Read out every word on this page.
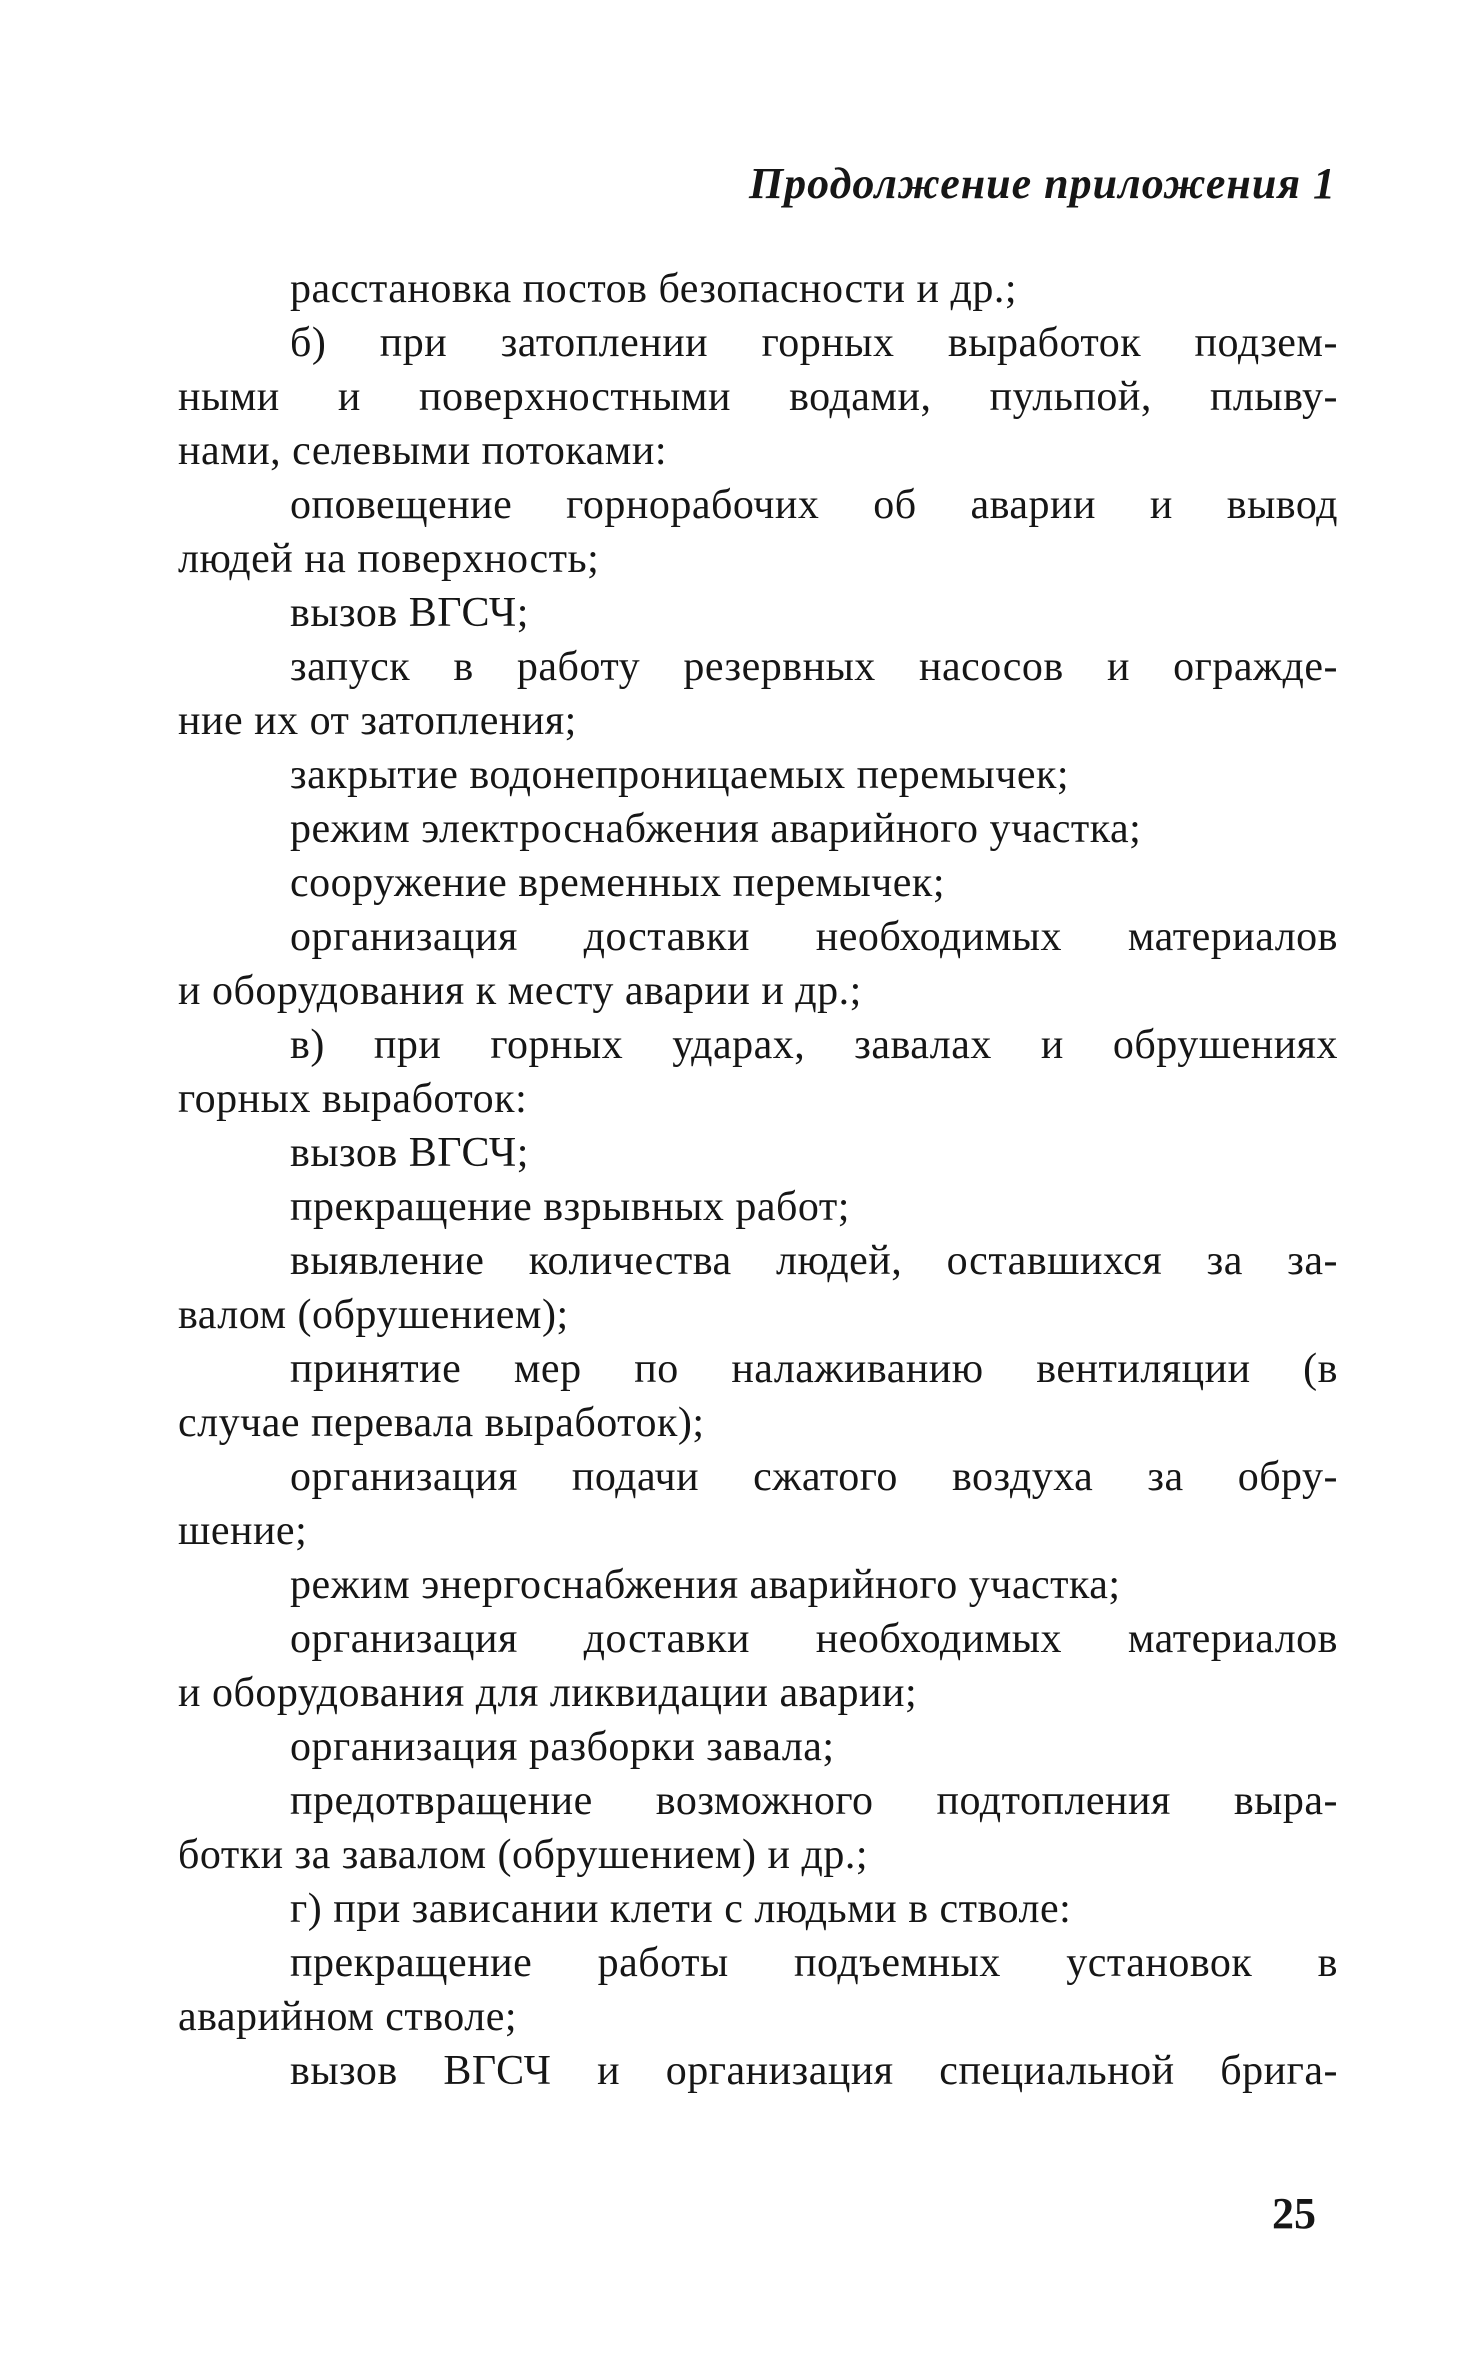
Продолжение приложения 1
расстановка постов безопасности и др.;
б) при затоплении горных выработок подзем-
ными и поверхностными водами, пульпой, плыву-
нами, селевыми потоками:
оповещение горнорабочих об аварии и вывод
людей на поверхность;
вызов ВГСЧ;
запуск в работу резервных насосов и огражде-
ние их от затопления;
закрытие водонепроницаемых перемычек;
режим электроснабжения аварийного участка;
сооружение временных перемычек;
организация доставки необходимых материалов
и оборудования к месту аварии и др.;
в) при горных ударах, завалах и обрушениях
горных выработок:
вызов ВГСЧ;
прекращение взрывных работ;
выявление количества людей, оставшихся за за-
валом (обрушением);
принятие мер по налаживанию вентиляции (в
случае перевала выработок);
организация подачи сжатого воздуха за обру-
шение;
режим энергоснабжения аварийного участка;
организация доставки необходимых материалов
и оборудования для ликвидации аварии;
организация разборки завала;
предотвращение возможного подтопления выра-
ботки за завалом (обрушением) и др.;
г) при зависании клети с людьми в стволе:
прекращение работы подъемных установок в
аварийном стволе;
вызов ВГСЧ и организация специальной брига-
25
